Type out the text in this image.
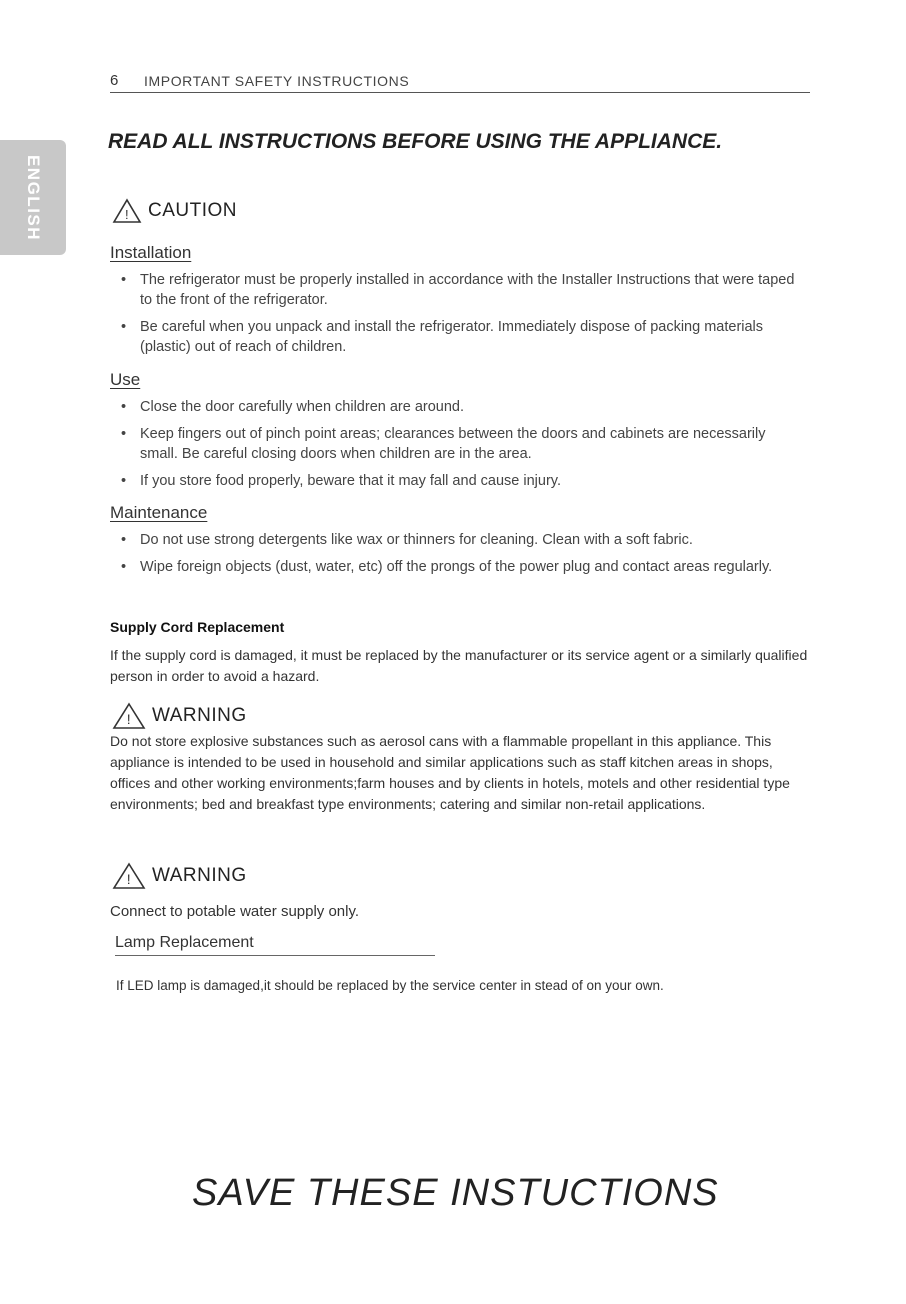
6 IMPORTANT SAFETY INSTRUCTIONS
ENGLISH
READ ALL INSTRUCTIONS BEFORE USING THE APPLIANCE.
! CAUTION
Installation
• The refrigerator must be properly installed in accordance with the Installer Instructions that were taped to the front of the refrigerator.
• Be careful when you unpack and install the refrigerator. Immediately dispose of packing materials (plastic) out of reach of children.
Use
• Close the door carefully when children are around.
• Keep fingers out of pinch point areas; clearances between the doors and cabinets are necessarily small. Be careful closing doors when children are in the area.
• If you store food properly, beware that it may fall and cause injury.
Maintenance
• Do not use strong detergents like wax or thinners for cleaning. Clean with a soft fabric.
• Wipe foreign objects (dust, water, etc) off the prongs of the power plug and contact areas regularly.
Supply Cord Replacement
If the supply cord is damaged, it must be replaced by the manufacturer or its service agent or a similarly qualified person in order to avoid a hazard.
! WARNING
Do not store explosive substances such as aerosol cans with a flammable propellant in this appliance. This appliance is intended to be used in household and similar applications such as staff kitchen areas in shops, offices and other working environments;farm houses and by clients in hotels, motels and other residential type environments; bed and breakfast type environments; catering and similar non-retail applications.
! WARNING
Connect to potable water supply only.
Lamp Replacement
If LED lamp is damaged,it should be replaced by the service center in stead of on your own.
SAVE THESE INSTUCTIONS
